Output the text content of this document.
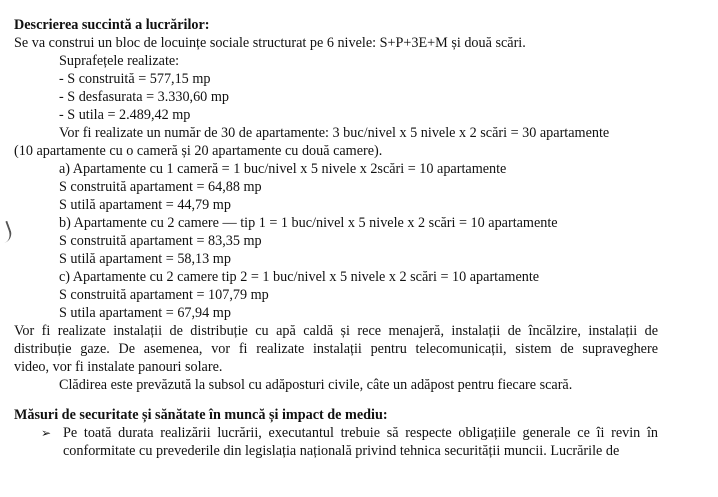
Descrierea succintă a lucrărilor:
Se va construi un bloc de locuințe sociale structurat pe 6 nivele: S+P+3E+M și două scări.
Suprafețele realizate:
- S construită = 577,15 mp
- S desfasurata = 3.330,60 mp
- S utila = 2.489,42 mp
Vor fi realizate un număr de 30 de apartamente: 3 buc/nivel x 5 nivele x 2 scări = 30 apartamente
(10 apartamente cu o cameră și 20 apartamente cu două camere).
a) Apartamente cu 1 cameră = 1 buc/nivel x 5 nivele x 2scări = 10 apartamente
S construită apartament = 64,88 mp
S utilă apartament = 44,79 mp
b) Apartamente cu 2 camere — tip 1 = 1 buc/nivel x 5 nivele x 2 scări = 10 apartamente
S construită apartament = 83,35 mp
S utilă apartament = 58,13 mp
c) Apartamente cu 2 camere tip 2 = 1 buc/nivel x 5 nivele x 2 scări = 10 apartamente
S construită apartament = 107,79 mp
S utila apartament = 67,94 mp
Vor fi realizate instalații de distribuție cu apă caldă și rece menajeră, instalații de încălzire, instalații de
distribuție gaze. De asemenea, vor fi realizate instalații pentru telecomunicații, sistem de supraveghere
video, vor fi instalate panouri solare.
Clădirea este prevăzută la subsol cu adăposturi civile, câte un adăpost pentru fiecare scară.
Măsuri de securitate și sănătate în muncă și impact de mediu:
➢ Pe toată durata realizării lucrării, executantul trebuie să respecte obligațiile generale ce îi revin în
conformitate cu prevederile din legislația națională privind tehnica securității muncii. Lucrările de
